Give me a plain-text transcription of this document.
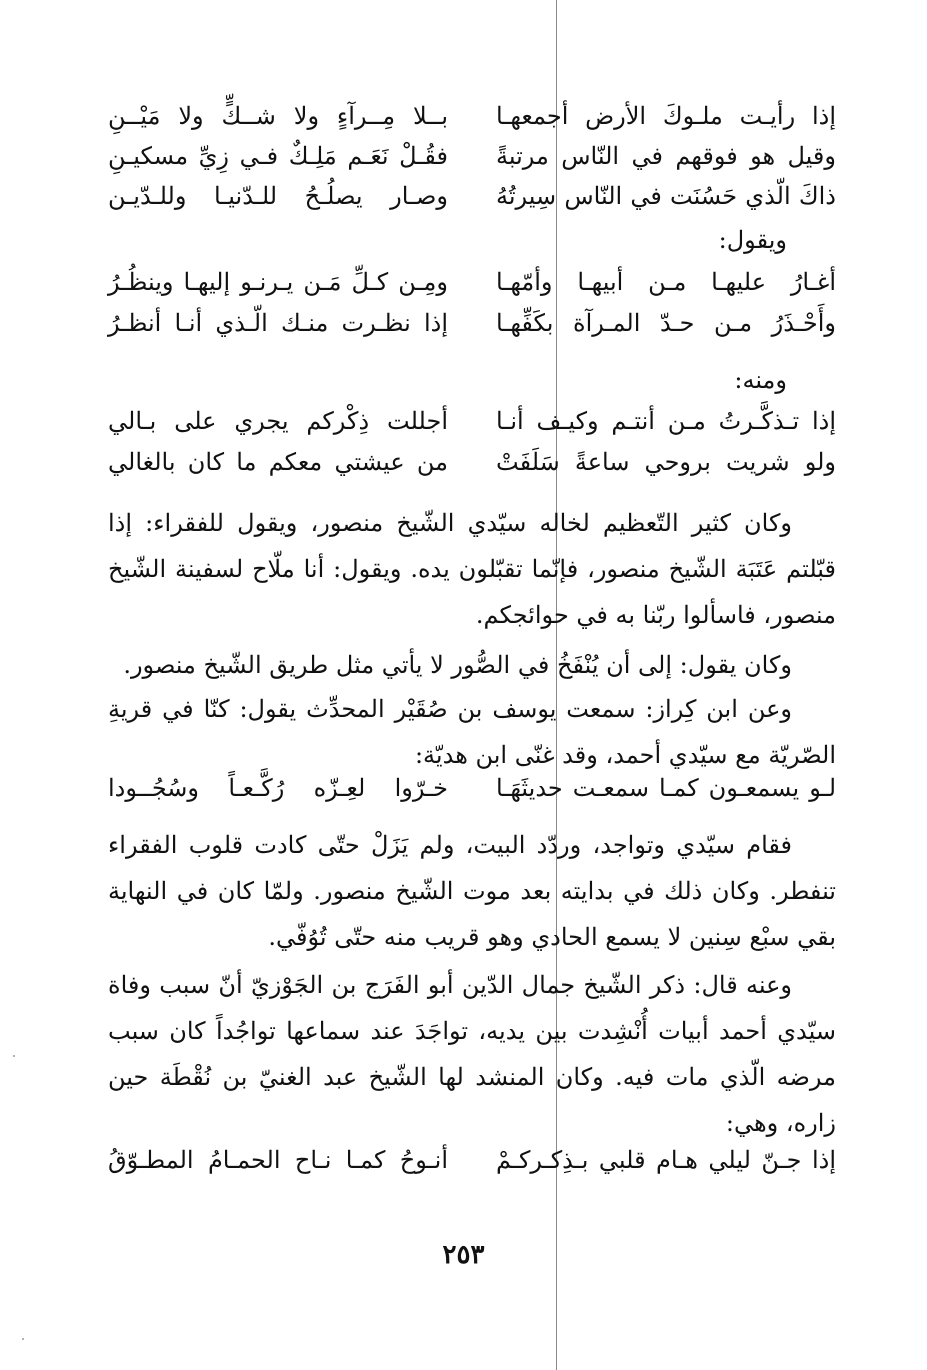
إذا رأيـت ملـوكَ الأرض أجمعهـا
بــلا مِــرآءٍ ولا شــكٍّ ولا مَيْــنِ
وقيل هو فوقهم في النّاس مرتبةً
فقُـلْ نَعَـم مَلِـكٌ فـي زِيِّ مسكيـنِ
ذاكَ الّذي حَسُنَت في النّاس سِيرتُهُ
وصـار يصلُـحُ للـدّنيـا وللـدّيـن
ويقول:
أغـارُ عليهـا مـن أبيهـا وأمّهـا
ومِـن كـلِّ مَـن يـرنـو إليهـا وينظُـرُ
وأَحْـذَرُ مـن حـدّ المـرآة بكَفِّهـا
إذا نظـرت منـك الّـذي أنـا أنظـرُ
ومنه:
إذا تـذكَّـرتُ مـن أنتـم وكيـف أنـا
أجللت ذِكْركم يجري على بـالي
ولو شريت بروحي ساعةً سَلَفَتْ
من عيشتي معكم ما كان بالغالي
وكان كثير التّعظيم لخاله سيّدي الشّيخ منصور، ويقول للفقراء: إذا قبّلتم عَتَبَة الشّيخ منصور، فإنّما تقبّلون يده. ويقول: أنا ملّاح لسفينة الشّيخ منصور، فاسألوا ربّنا به في حوائجكم.
وكان يقول: إلى أن يُنْفَخُ في الصُّور لا يأتي مثل طريق الشّيخ منصور.
وعن ابن كِراز: سمعت يوسف بن صُقَيْر المحدِّث يقول: كنّا في قريةِ الصّريّة مع سيّدي أحمد، وقد غنّى ابن هديّة:
لـو يسمعـون كمـا سمعـت حديثَهَـا
خـرّوا لعِـزّه رُكَّـعـاً وسُجُــودا
فقام سيّدي وتواجد، وردّد البيت، ولم يَزَلْ حتّى كادت قلوب الفقراء تنفطر. وكان ذلك في بدايته بعد موت الشّيخ منصور. ولمّا كان في النهاية بقي سبْع سِنين لا يسمع الحادي وهو قريب منه حتّى تُوُفّي.
وعنه قال: ذكر الشّيخ جمال الدّين أبو الفَرَج بن الجَوْزيّ أنّ سبب وفاة سيّدي أحمد أبيات أُنْشِدت بين يديه، تواجَدَ عند سماعها تواجُداً كان سبب مرضه الّذي مات فيه. وكان المنشد لها الشّيخ عبد الغنيّ بن نُقْطَة حين زاره، وهي:
إذا جـنّ ليلي هـام قلبي بـذِكـركـمْ
أنـوحُ كمـا نـاح الحمـامُ المطـوّقُ
٢٥٣
